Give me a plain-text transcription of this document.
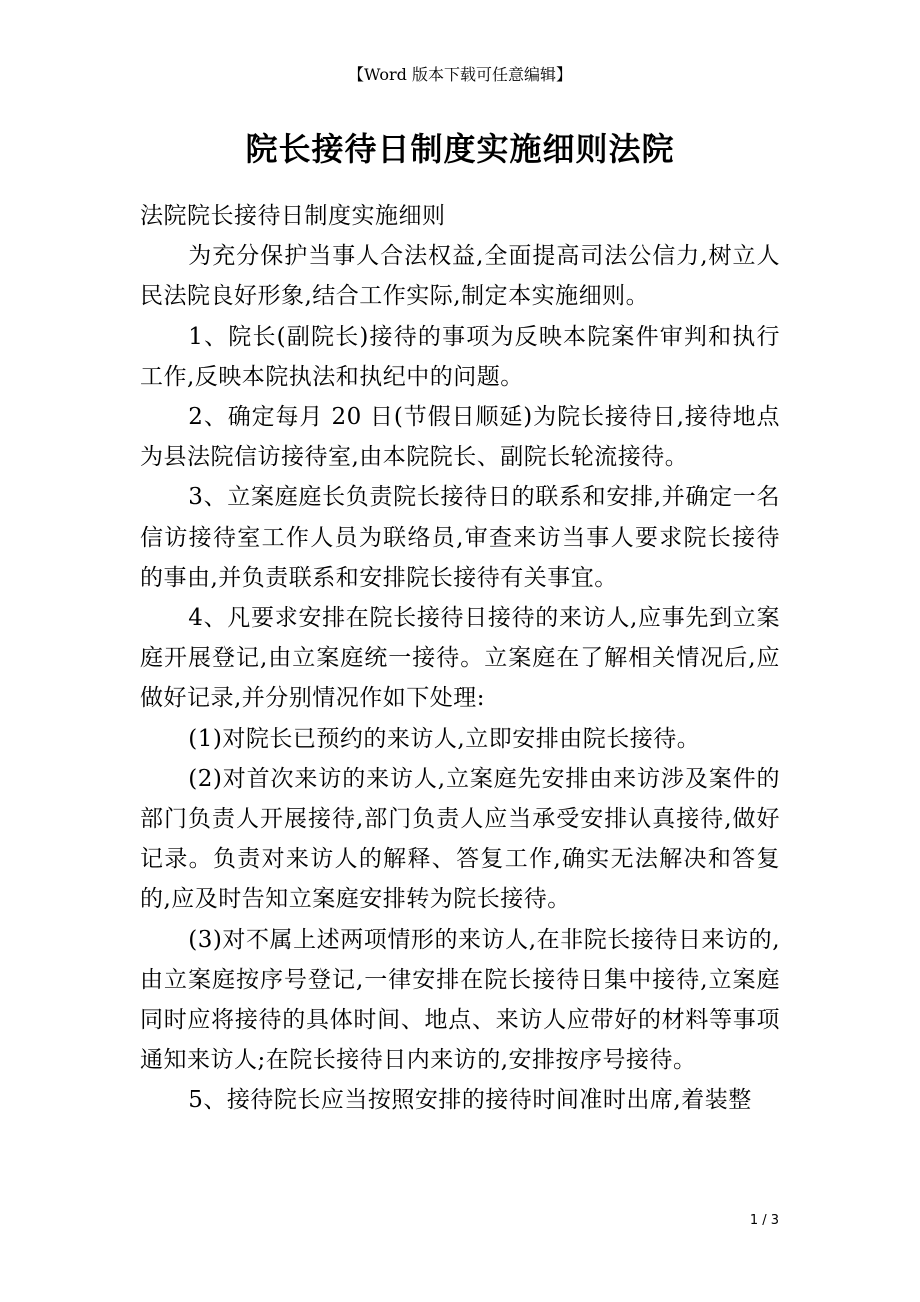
【Word 版本下载可任意编辑】
院长接待日制度实施细则法院

法院院长接待日制度实施细则

为充分保护当事人合法权益,全面提高司法公信力,树立人民法院良好形象,结合工作实际,制定本实施细则。

1、院长(副院长)接待的事项为反映本院案件审判和执行工作,反映本院执法和执纪中的问题。

2、确定每月 20 日(节假日顺延)为院长接待日,接待地点为县法院信访接待室,由本院院长、副院长轮流接待。

3、立案庭庭长负责院长接待日的联系和安排,并确定一名信访接待室工作人员为联络员,审查来访当事人要求院长接待的事由,并负责联系和安排院长接待有关事宜。

4、凡要求安排在院长接待日接待的来访人,应事先到立案庭开展登记,由立案庭统一接待。立案庭在了解相关情况后,应做好记录,并分别情况作如下处理:

(1)对院长已预约的来访人,立即安排由院长接待。

(2)对首次来访的来访人,立案庭先安排由来访涉及案件的部门负责人开展接待,部门负责人应当承受安排认真接待,做好记录。负责对来访人的解释、答复工作,确实无法解决和答复的,应及时告知立案庭安排转为院长接待。

(3)对不属上述两项情形的来访人,在非院长接待日来访的,由立案庭按序号登记,一律安排在院长接待日集中接待,立案庭同时应将接待的具体时间、地点、来访人应带好的材料等事项通知来访人;在院长接待日内来访的,安排按序号接待。

5、接待院长应当按照安排的接待时间准时出席,着装整

1 / 3
